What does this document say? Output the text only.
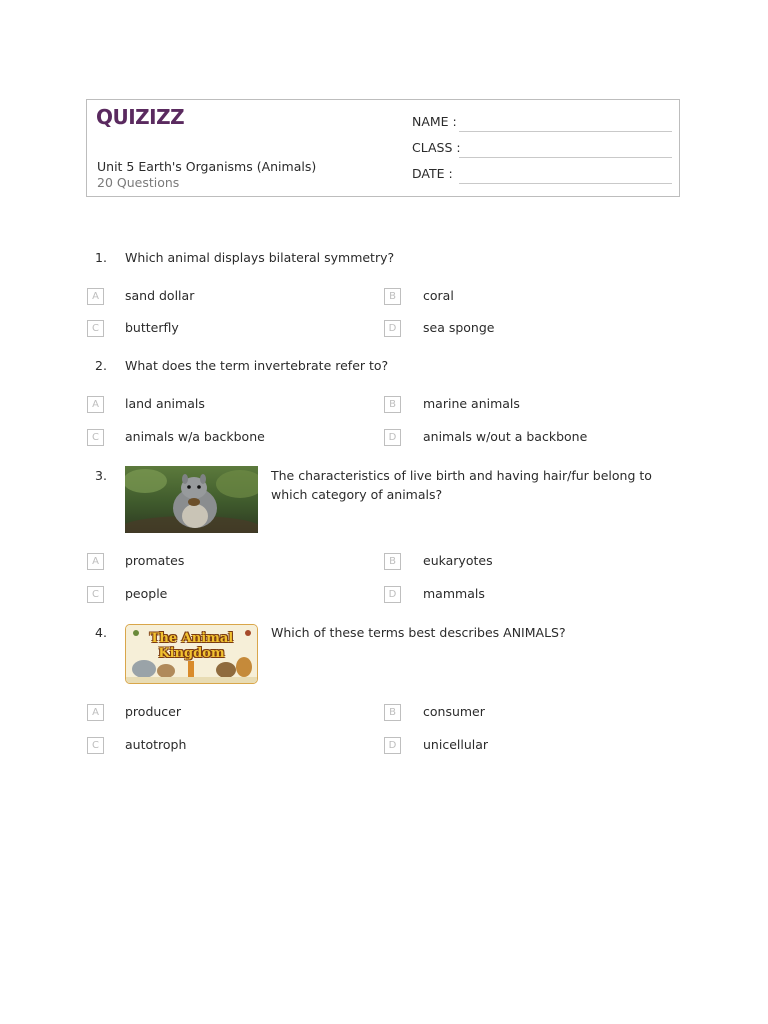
QUIZIZZ
Unit 5 Earth's Organisms (Animals)
20 Questions
NAME :
CLASS :
DATE :
1. Which animal displays bilateral symmetry?
A	sand dollar	B	coral
C	butterfly	D	sea sponge
2. What does the term invertebrate refer to?
A	land animals	B	marine animals
C	animals w/a backbone	D	animals w/out a backbone
3.	The characteristics of live birth and having hair/fur belong to which category of animals?
A	promates	B	eukaryotes
C	people	D	mammals
4.	The Animal Kingdom
Which of these terms best describes ANIMALS?
A	producer	B	consumer
C	autotroph	D	unicellular
